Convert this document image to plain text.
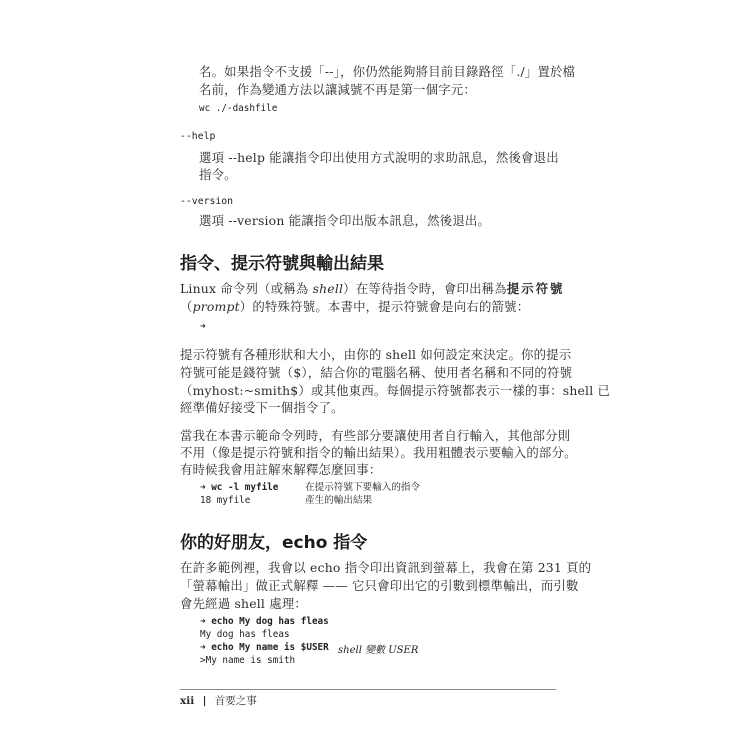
名。如果指令不支援「--」，你仍然能夠將目前目錄路徑「./」置於檔
名前，作為變通方法以讓減號不再是第一個字元：
wc ./-dashfile
--help
選項 --help 能讓指令印出使用方式說明的求助訊息，然後會退出
指令。
--version
選項 --version 能讓指令印出版本訊息，然後退出。
指令、提示符號與輸出結果
Linux 命令列（或稱為 shell）在等待指令時，會印出稱為提示符號
（prompt）的特殊符號。本書中，提示符號會是向右的箭號：
➜
提示符號有各種形狀和大小，由你的 shell 如何設定來決定。你的提示
符號可能是錢符號（$），結合你的電腦名稱、使用者名稱和不同的符號
（myhost:~smith$）或其他東西。每個提示符號都表示一樣的事：shell 已
經準備好接受下一個指令了。
當我在本書示範命令列時，有些部分要讓使用者自行輸入，其他部分則
不用（像是提示符號和指令的輸出結果）。我用粗體表示要輸入的部分。
有時候我會用註解來解釋怎麼回事：
➜ wc -l myfile
18 myfile
在提示符號下要輸入的指令
產生的輸出結果
你的好朋友，echo 指令
在許多範例裡，我會以 echo 指令印出資訊到螢幕上，我會在第 231 頁的
「螢幕輸出」做正式解釋 —— 它只會印出它的引數到標準輸出，而引數
會先經過 shell 處理：
➜ echo My dog has fleas
My dog has fleas
➜ echo My name is $USER
>My name is smith
shell 變數 USER
xii | 首要之事
